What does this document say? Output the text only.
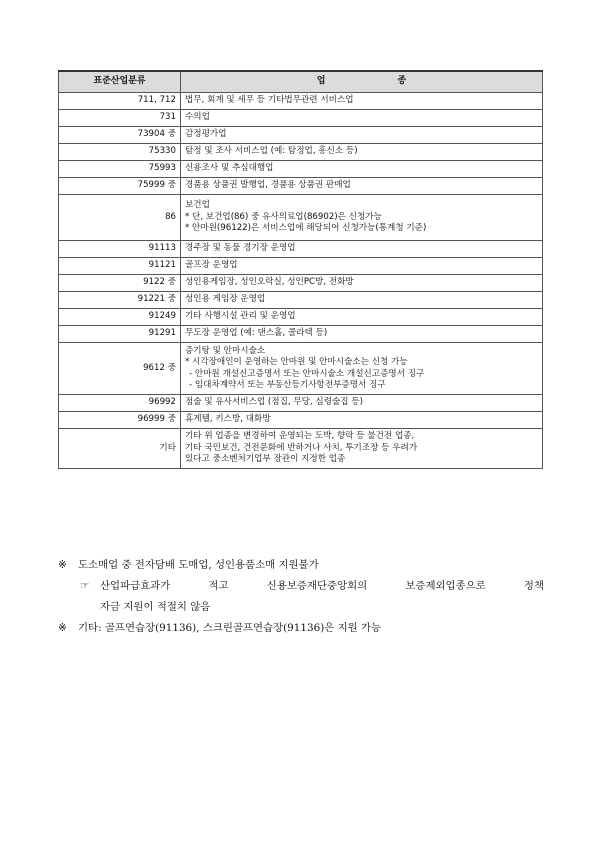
표준산업분류	업 종
711, 712	법무, 회계 및 세무 등 기타법무관련 서비스업

731	수의업

73904 중	감정평가업

75330	탐정 및 조사 서비스업 (예: 탐정업, 흥신소 등)

75993	신용조사 및 추심대행업

75999 중	경품용 상품권 발행업, 경품용 상품권 판매업

86	보건업
* 단, 보건업(86) 중 유사의료업(86902)은 신청가능
* 안마원(96122)은 서비스업에 해당되어 신청가능(통계청 기준)

91113	경주장 및 동물 경기장 운영업

91121	골프장 운영업

9122 중	성인용게임장, 성인오락실, 성인PC방, 전화방

91221 중	성인용 게임장 운영업

91249	기타 사행시설 관리 및 운영업

91291	무도장 운영업 (예: 댄스홀, 콜라텍 등)

9612 중	증기탕 및 안마시술소
* 시각장애인이 운영하는 안마원 및 안마시술소는 신청 가능
- 안마원 개설신고증명서 또는 안마시술소 개설신고증명서 징구
- 임대차계약서 또는 부동산등기사항전부증명서 징구

96992	점술 및 유사서비스업 (점집, 무당, 심령술집 등)

96999 중	휴게텔, 키스방, 대화방

기타	기타 위 업종을 변경하여 운영되는 도박, 향락 등 불건전 업종,
기타 국민보건, 건전문화에 반하거나 사치, 투기조장 등 우려가
있다고 중소벤처기업부 장관이 지정한 업종
※	도소매업 중 전자담배 도매업, 성인용품소매 지원불가
☞	산업파급효과가 적고 신용보증재단중앙회의 보증제외업종으로 정책
자금 지원이 적절치 않음
※	기타: 골프연습장(91136), 스크린골프연습장(91136)은 지원 가능
